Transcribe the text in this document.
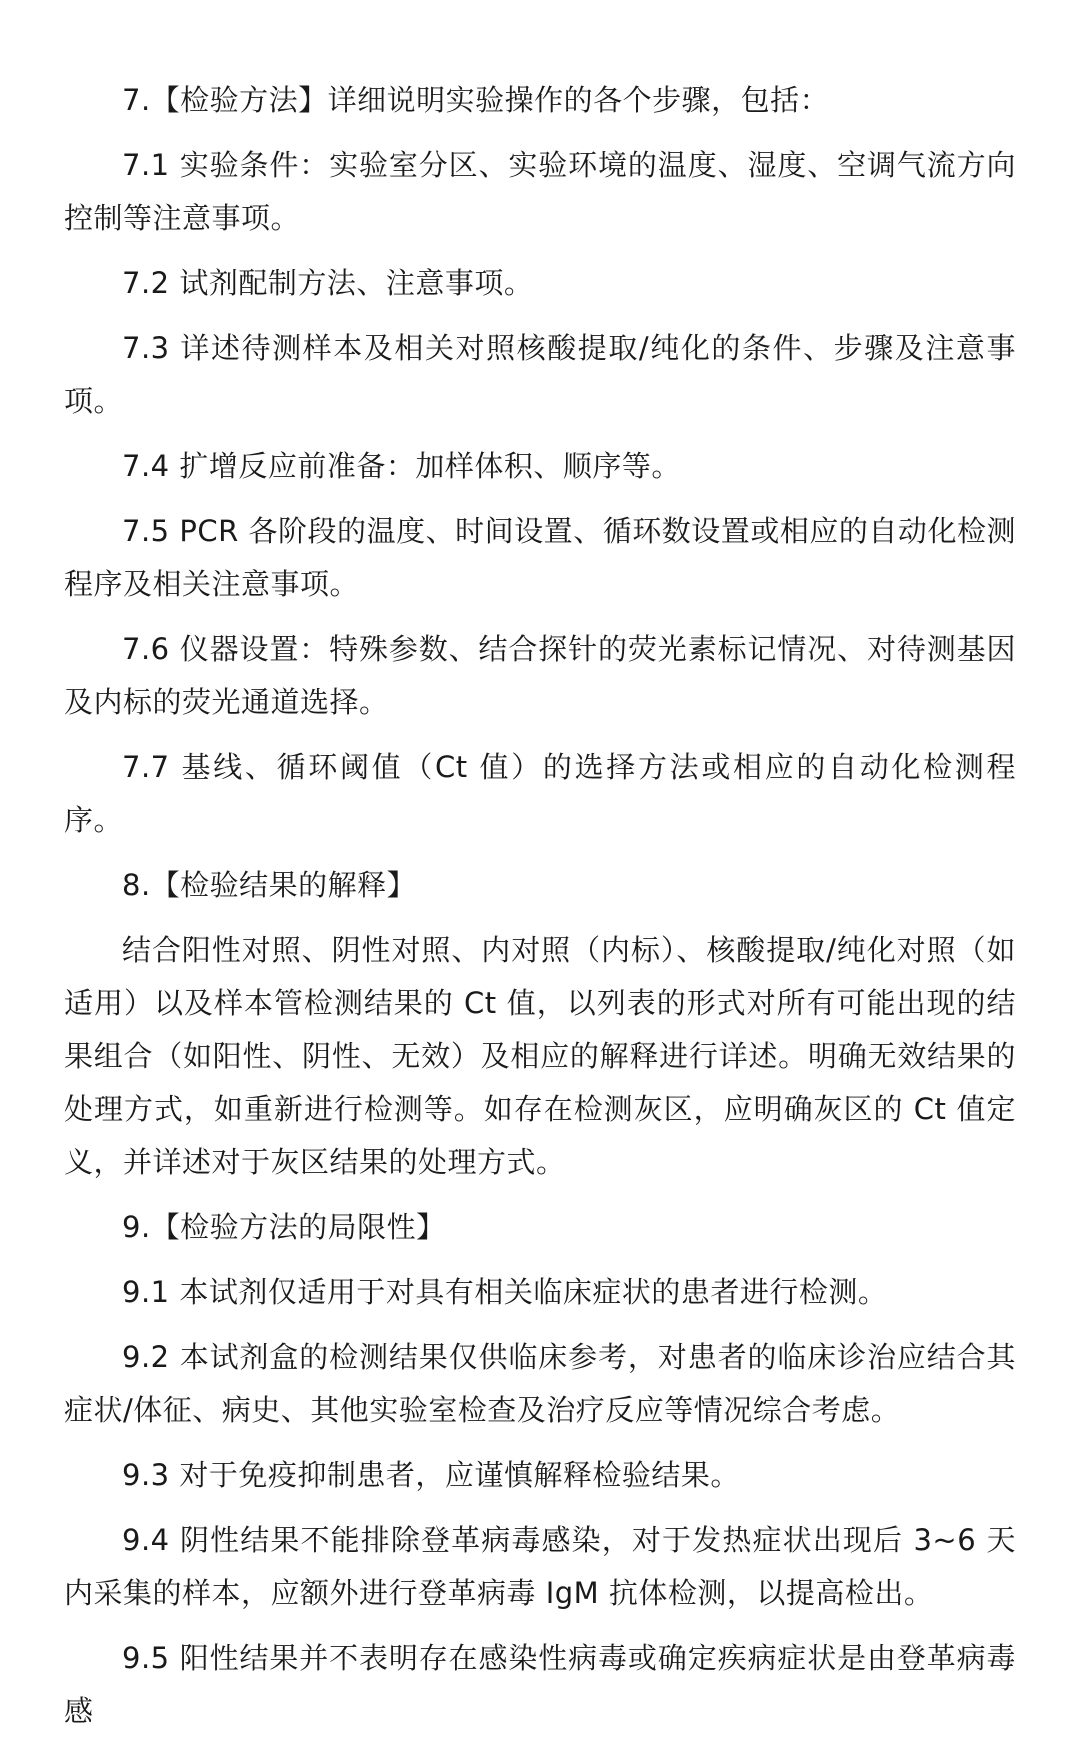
7.【检验方法】详细说明实验操作的各个步骤，包括：

7.1 实验条件：实验室分区、实验环境的温度、湿度、空调气流方向控制等注意事项。

7.2 试剂配制方法、注意事项。

7.3 详述待测样本及相关对照核酸提取/纯化的条件、步骤及注意事项。

7.4 扩增反应前准备：加样体积、顺序等。

7.5 PCR 各阶段的温度、时间设置、循环数设置或相应的自动化检测程序及相关注意事项。

7.6 仪器设置：特殊参数、结合探针的荧光素标记情况、对待测基因及内标的荧光通道选择。

7.7 基线、循环阈值（Ct 值）的选择方法或相应的自动化检测程序。

8.【检验结果的解释】

结合阳性对照、阴性对照、内对照（内标）、核酸提取/纯化对照（如适用）以及样本管检测结果的 Ct 值，以列表的形式对所有可能出现的结果组合（如阳性、阴性、无效）及相应的解释进行详述。明确无效结果的处理方式，如重新进行检测等。如存在检测灰区，应明确灰区的 Ct 值定义，并详述对于灰区结果的处理方式。

9.【检验方法的局限性】

9.1 本试剂仅适用于对具有相关临床症状的患者进行检测。

9.2 本试剂盒的检测结果仅供临床参考，对患者的临床诊治应结合其症状/体征、病史、其他实验室检查及治疗反应等情况综合考虑。

9.3 对于免疫抑制患者，应谨慎解释检验结果。

9.4 阴性结果不能排除登革病毒感染，对于发热症状出现后 3~6 天内采集的样本，应额外进行登革病毒 IgM 抗体检测，以提高检出。

9.5 阳性结果并不表明存在感染性病毒或确定疾病症状是由登革病毒感
